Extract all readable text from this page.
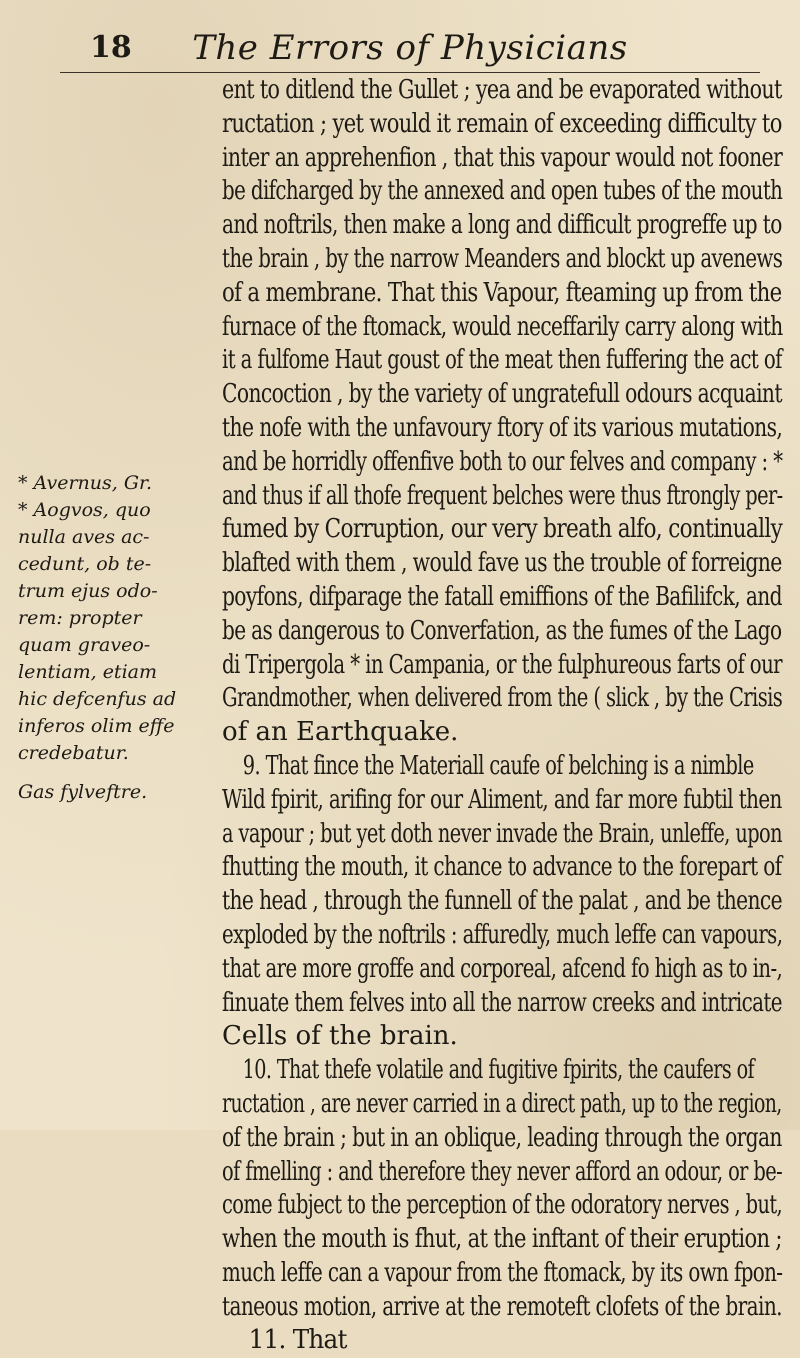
18	The Errors of Physicians
* Avernus, Gr.
* Aogvos, quo
nulla aves ac-
cedunt, ob te-
trum ejus odo-
rem: propter
quam graveo-
lentiam, etiam
hic defcenfus ad
inferos olim effe
credebatur.
Gas fylveftre.
ent to ditlend the Gullet ; yea and be evaporated without
ructation ; yet would it remain of exceeding difficulty to
inter an apprehenfion , that this vapour would not fooner
be difcharged by the annexed and open tubes of the mouth
and noftrils, then make a long and difficult progreffe up to
the brain , by the narrow Meanders and blockt up avenews
of a membrane. That this Vapour, fteaming up from the
furnace of the ftomack, would neceffarily carry along with
it a fulfome Haut goust of the meat then fuffering the act of
Concoction , by the variety of ungratefull odours acquaint
the nofe with the unfavoury ftory of its various mutations,
and be horridly offenfive both to our felves and company : *
and thus if all thofe frequent belches were thus ftrongly per-
fumed by Corruption, our very breath alfo, continually
blafted with them , would fave us the trouble of forreigne
poyfons, difparage the fatall emiffions of the Bafilifck, and
be as dangerous to Converfation, as the fumes of the Lago
di Tripergola * in Campania, or the fulphureous farts of our
Grandmother, when delivered from the ( slick , by the Crisis
of an Earthquake.
9. That fince the Materiall caufe of belching is a nimble
Wild fpirit, arifing for our Aliment, and far more fubtil then
a vapour ; but yet doth never invade the Brain, unleffe, upon
fhutting the mouth, it chance to advance to the forepart of
the head , through the funnell of the palat , and be thence
exploded by the noftrils : affuredly, much leffe can vapours,
that are more groffe and corporeal, afcend fo high as to in-,
finuate them felves into all the narrow creeks and intricate
Cells of the brain.
10. That thefe volatile and fugitive fpirits, the caufers of
ructation , are never carried in a direct path, up to the region,
of the brain ; but in an oblique, leading through the organ
of fmelling : and therefore they never afford an odour, or be-
come fubject to the perception of the odoratory nerves , but,
when the mouth is fhut, at the inftant of their eruption ;
much leffe can a vapour from the ftomack, by its own fpon-
taneous motion, arrive at the remoteft clofets of the brain.
11. That
